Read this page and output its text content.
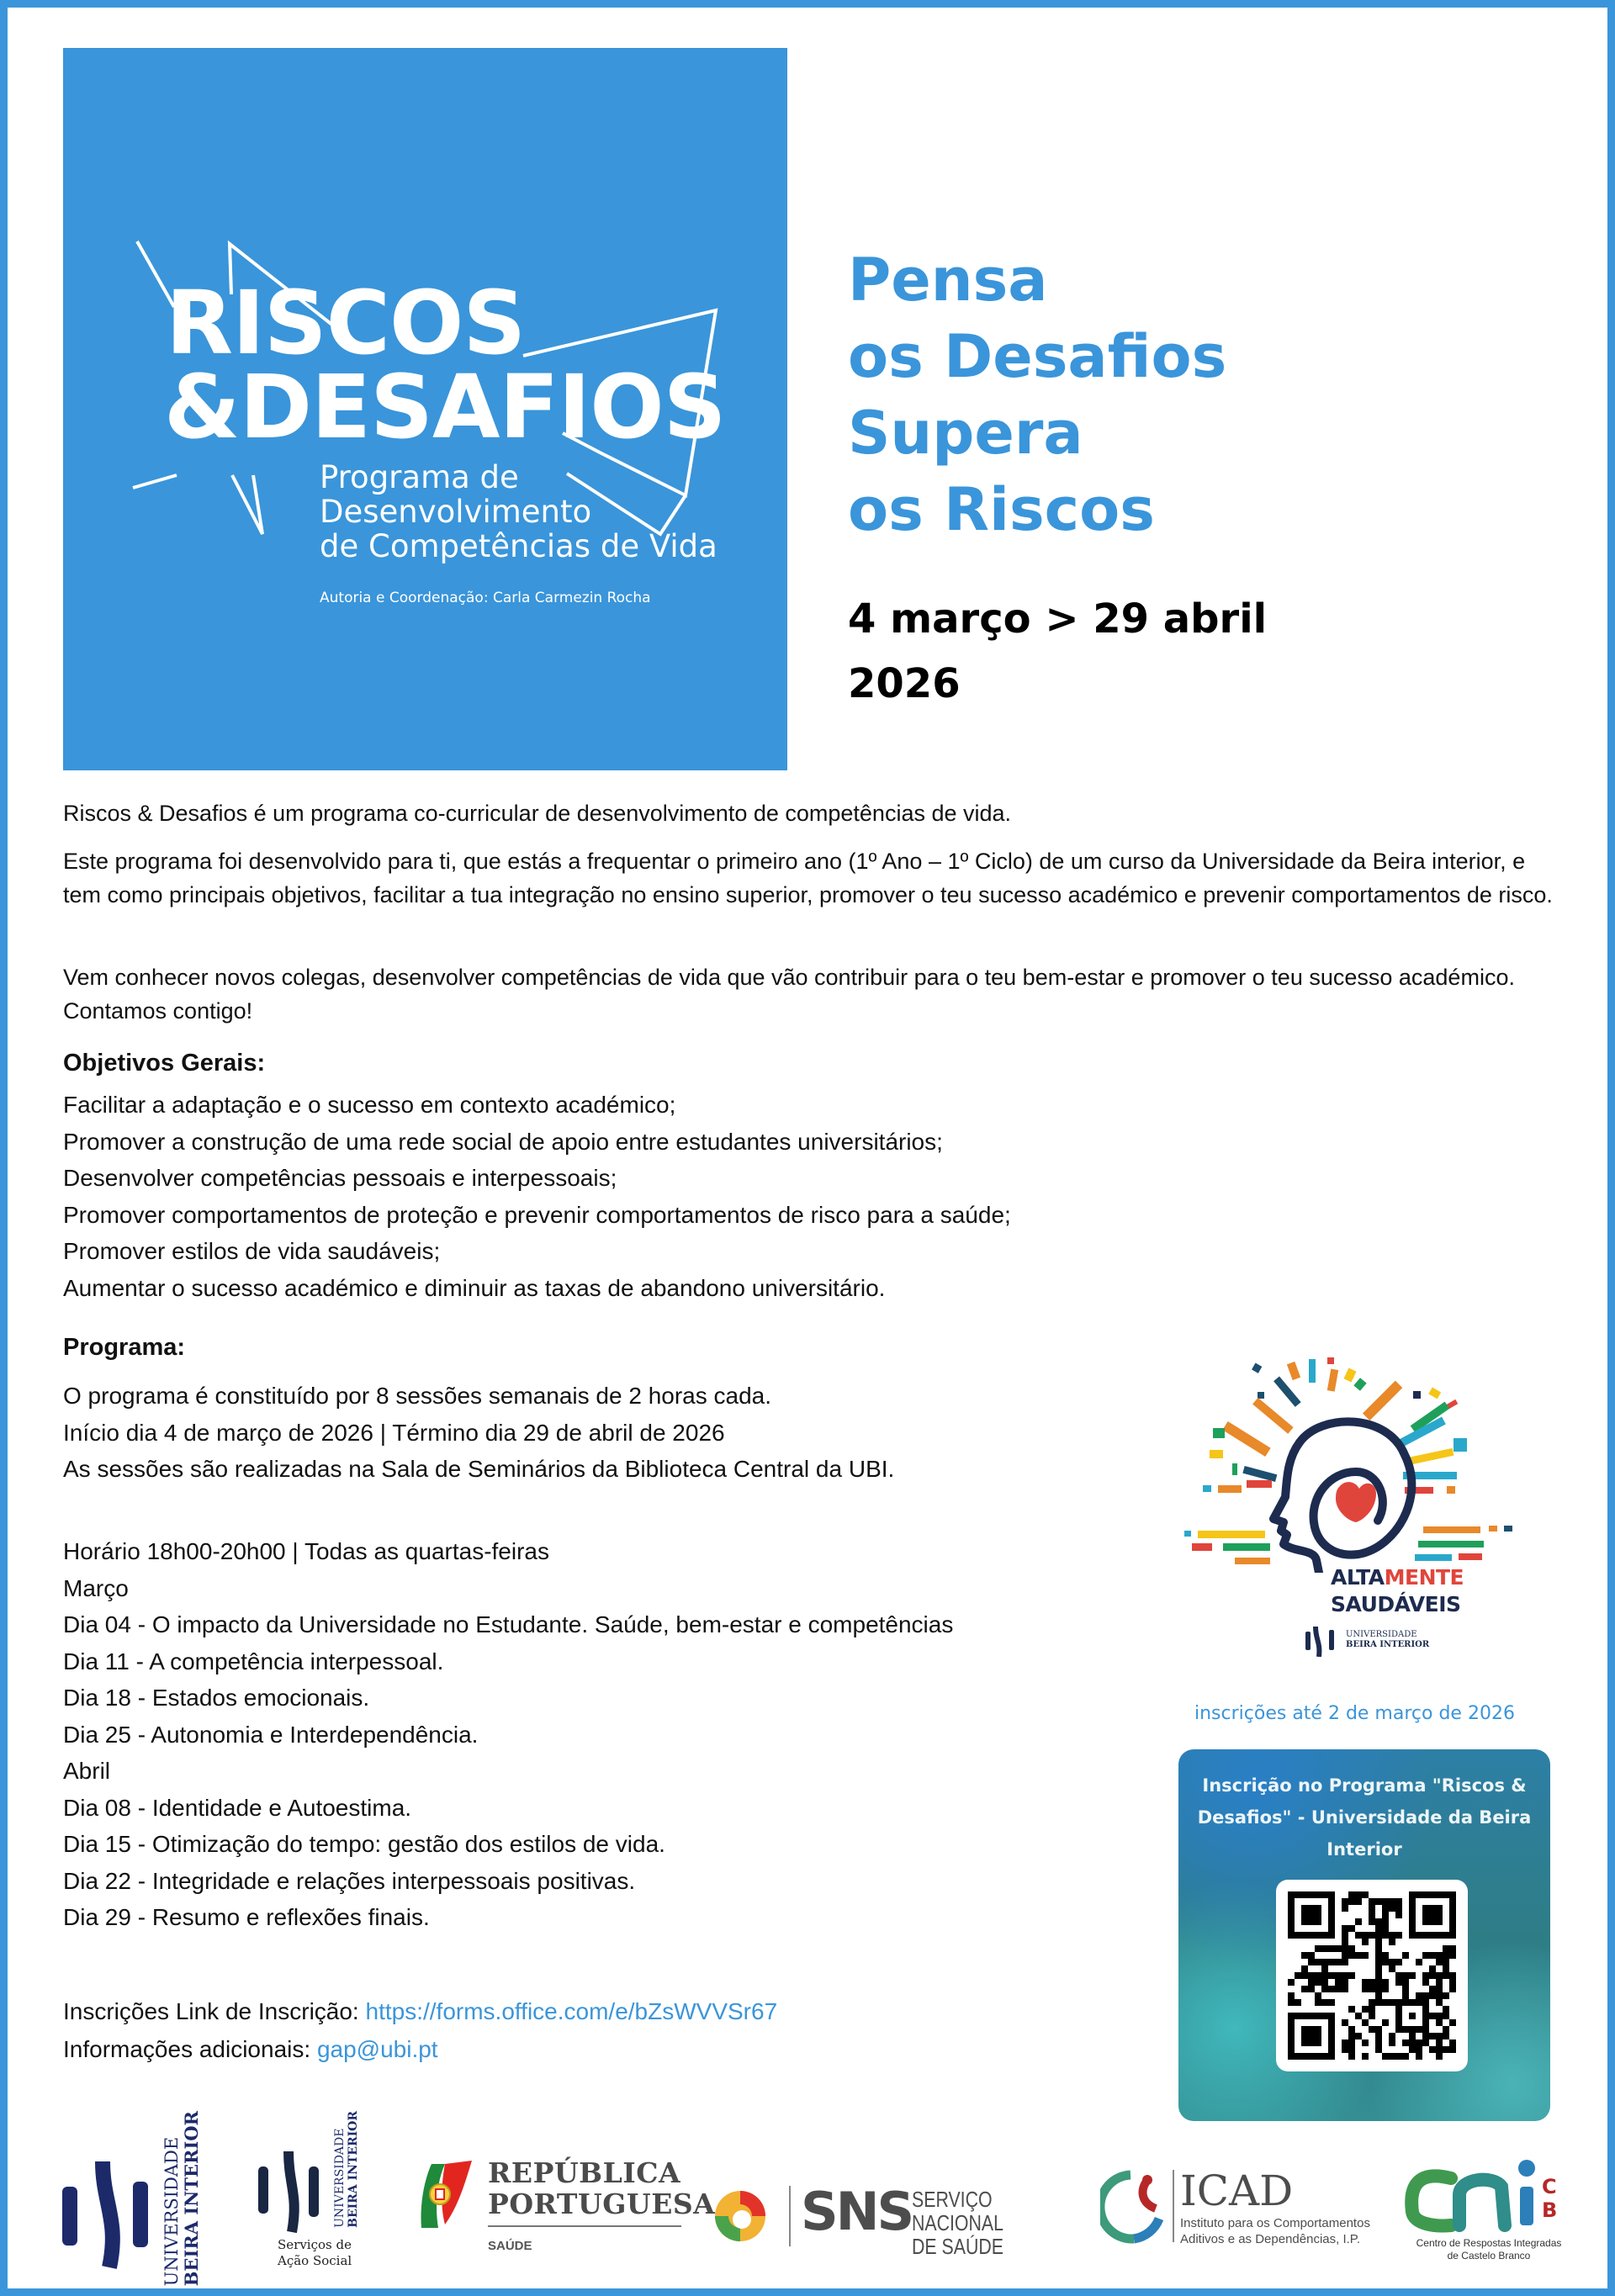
RISCOS
&DESAFIOS
Programa de
Desenvolvimento
de Competências de Vida
Autoria e Coordenação: Carla Carmezin Rocha
Pensa
os Desafios
Supera
os Riscos
4 março > 29 abril
2026

Riscos & Desafios é um programa co-curricular de desenvolvimento de competências de vida.

Este programa foi desenvolvido para ti, que estás a frequentar o primeiro ano (1º Ano – 1º Ciclo) de um curso da Universidade da Beira interior, e tem como principais objetivos, facilitar a tua integração no ensino superior, promover o teu sucesso académico e prevenir comportamentos de risco.

Vem conhecer novos colegas, desenvolver competências de vida que vão contribuir para o teu bem-estar e promover o teu sucesso académico. Contamos contigo!

Objetivos Gerais:
Facilitar a adaptação e o sucesso em contexto académico;
Promover a construção de uma rede social de apoio entre estudantes universitários;
Desenvolver competências pessoais e interpessoais;
Promover comportamentos de proteção e prevenir comportamentos de risco para a saúde;
Promover estilos de vida saudáveis;
Aumentar o sucesso académico e diminuir as taxas de abandono universitário.
Programa:
O programa é constituído por 8 sessões semanais de 2 horas cada.
Início dia 4 de março de 2026 | Término dia 29 de abril de 2026
As sessões são realizadas na Sala de Seminários da Biblioteca Central da UBI.
Horário 18h00-20h00 | Todas as quartas-feiras
Março
Dia 04 - O impacto da Universidade no Estudante. Saúde, bem-estar e competências
Dia 11 - A competência interpessoal.
Dia 18 - Estados emocionais.
Dia 25 - Autonomia e Interdependência.
Abril
Dia 08 - Identidade e Autoestima.
Dia 15 - Otimização do tempo: gestão dos estilos de vida.
Dia 22 - Integridade e relações interpessoais positivas.
Dia 29 - Resumo e reflexões finais.
Inscrições Link de Inscrição: https://forms.office.com/e/bZsWVVSr67
Informações adicionais: gap@ubi.pt
ALTAMENTE
SAUDÁVEIS
UNIVERSIDADE
BEIRA INTERIOR
inscrições até 2 de março de 2026
Inscrição no Programa "Riscos & Desafios" - Universidade da Beira Interior
UNIVERSIDADE
BEIRA INTERIOR	UNIVERSIDADE
BEIRA INTERIOR
Serviços de
Ação Social
REPÚBLICA
PORTUGUESA
SAÚDE
SNS SERVIÇO NACIONAL
DE SAÚDE
ICAD
Instituto para os Comportamentos
Aditivos e as Dependências, I.P.
C
B
Centro de Respostas Integradas
de Castelo Branco
